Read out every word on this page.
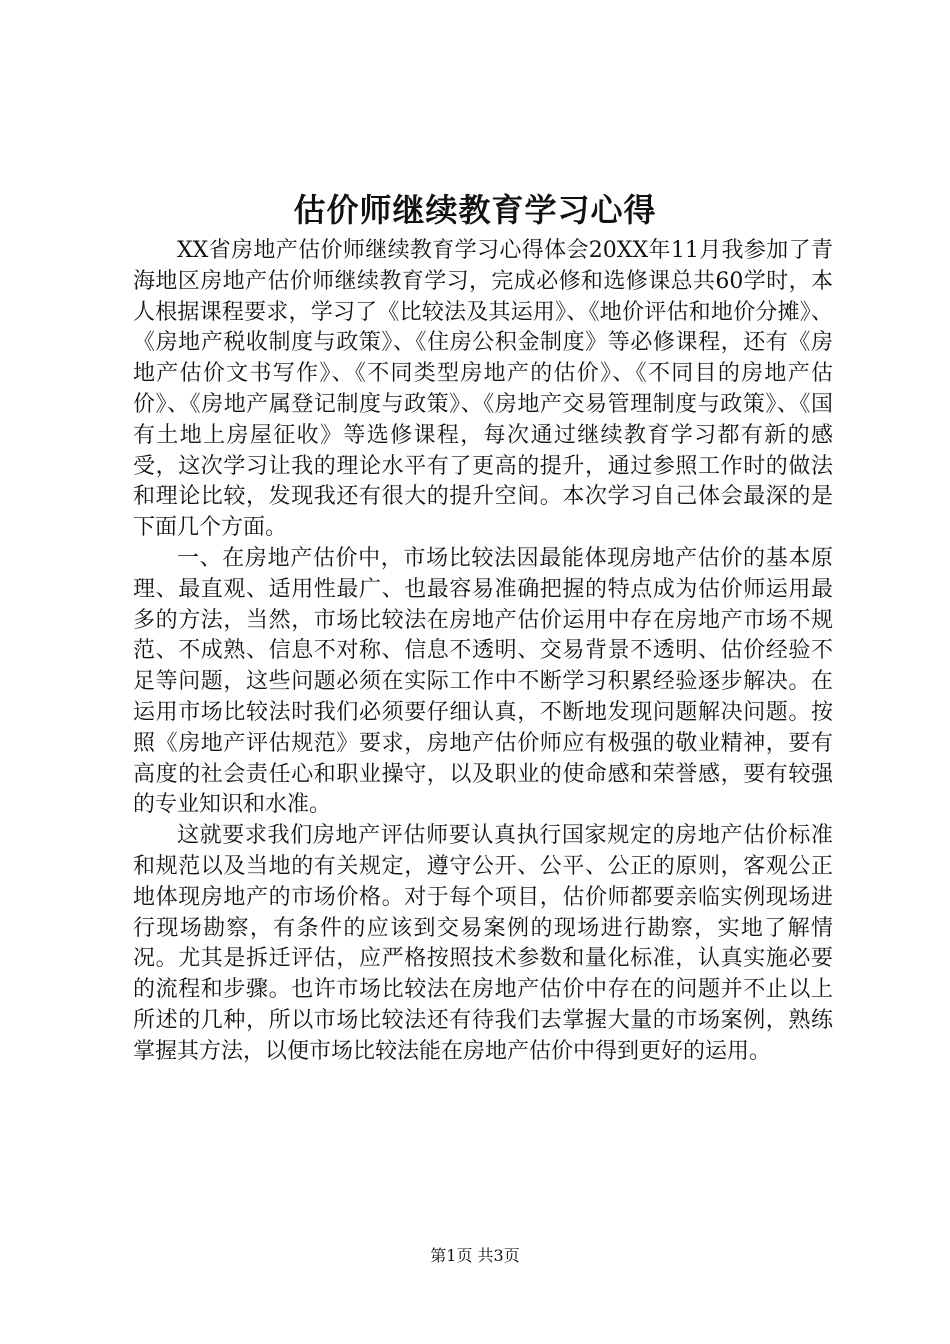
估价师继续教育学习心得

XX省房地产估价师继续教育学习心得体会20XX年11月我参加了青海地区房地产估价师继续教育学习，完成必修和选修课总共60学时，本人根据课程要求，学习了《比较法及其运用》、《地价评估和地价分摊》、《房地产税收制度与政策》、《住房公积金制度》等必修课程，还有《房地产估价文书写作》、《不同类型房地产的估价》、《不同目的房地产估价》、《房地产属登记制度与政策》、《房地产交易管理制度与政策》、《国有土地上房屋征收》等选修课程，每次通过继续教育学习都有新的感受，这次学习让我的理论水平有了更高的提升，通过参照工作时的做法和理论比较，发现我还有很大的提升空间。本次学习自己体会最深的是下面几个方面。

一、在房地产估价中，市场比较法因最能体现房地产估价的基本原理、最直观、适用性最广、也最容易准确把握的特点成为估价师运用最多的方法，当然，市场比较法在房地产估价运用中存在房地产市场不规范、不成熟、信息不对称、信息不透明、交易背景不透明、估价经验不足等问题，这些问题必须在实际工作中不断学习积累经验逐步解决。在运用市场比较法时我们必须要仔细认真，不断地发现问题解决问题。按照《房地产评估规范》要求，房地产估价师应有极强的敬业精神，要有高度的社会责任心和职业操守，以及职业的使命感和荣誉感，要有较强的专业知识和水准。

这就要求我们房地产评估师要认真执行国家规定的房地产估价标准和规范以及当地的有关规定，遵守公开、公平、公正的原则，客观公正地体现房地产的市场价格。对于每个项目，估价师都要亲临实例现场进行现场勘察，有条件的应该到交易案例的现场进行勘察，实地了解情况。尤其是拆迁评估，应严格按照技术参数和量化标准，认真实施必要的流程和步骤。也许市场比较法在房地产估价中存在的问题并不止以上所述的几种，所以市场比较法还有待我们去掌握大量的市场案例，熟练掌握其方法，以便市场比较法能在房地产估价中得到更好的运用。

第1页 共3页
